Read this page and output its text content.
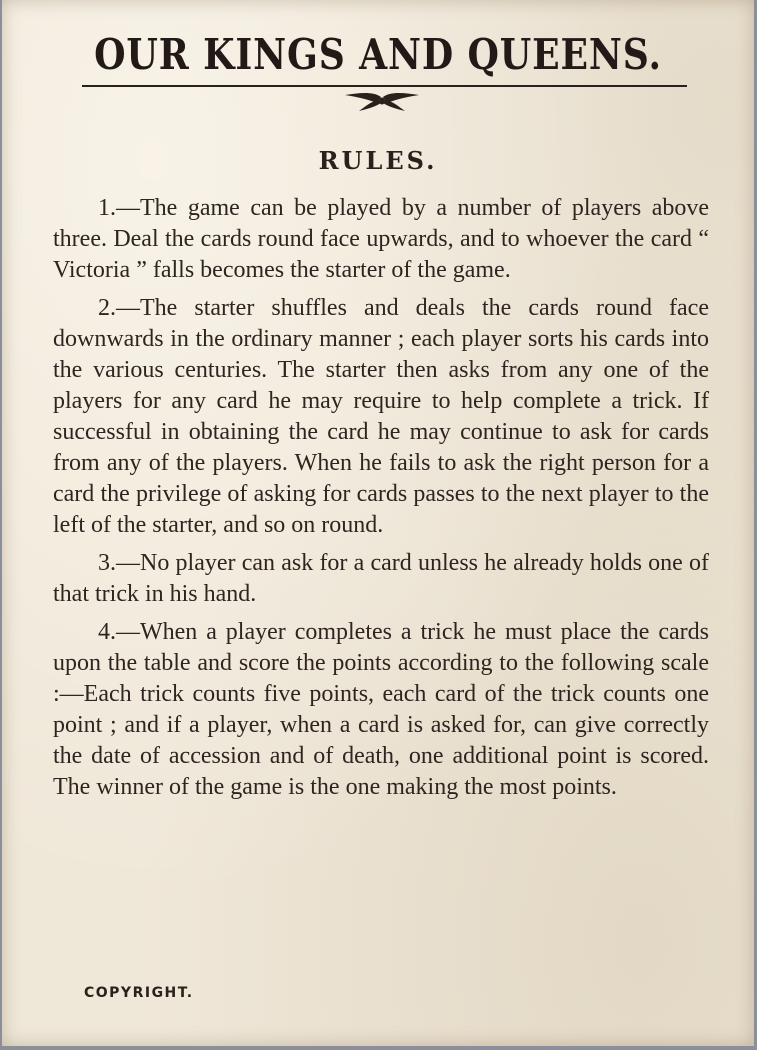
OUR KINGS AND QUEENS.
RULES.

1.—The game can be played by a number of players above three. Deal the cards round face upwards, and to whoever the card “ Victoria ” falls becomes the starter of the game.

2.—The starter shuffles and deals the cards round face downwards in the ordinary manner ; each player sorts his cards into the various centuries. The starter then asks from any one of the players for any card he may require to help complete a trick. If successful in obtaining the card he may continue to ask for cards from any of the players. When he fails to ask the right person for a card the privilege of asking for cards passes to the next player to the left of the starter, and so on round.

3.—No player can ask for a card unless he already holds one of that trick in his hand.

4.—When a player completes a trick he must place the cards upon the table and score the points according to the following scale :—Each trick counts five points, each card of the trick counts one point ; and if a player, when a card is asked for, can give correctly the date of accession and of death, one additional point is scored. The winner of the game is the one making the most points.

COPYRIGHT.
